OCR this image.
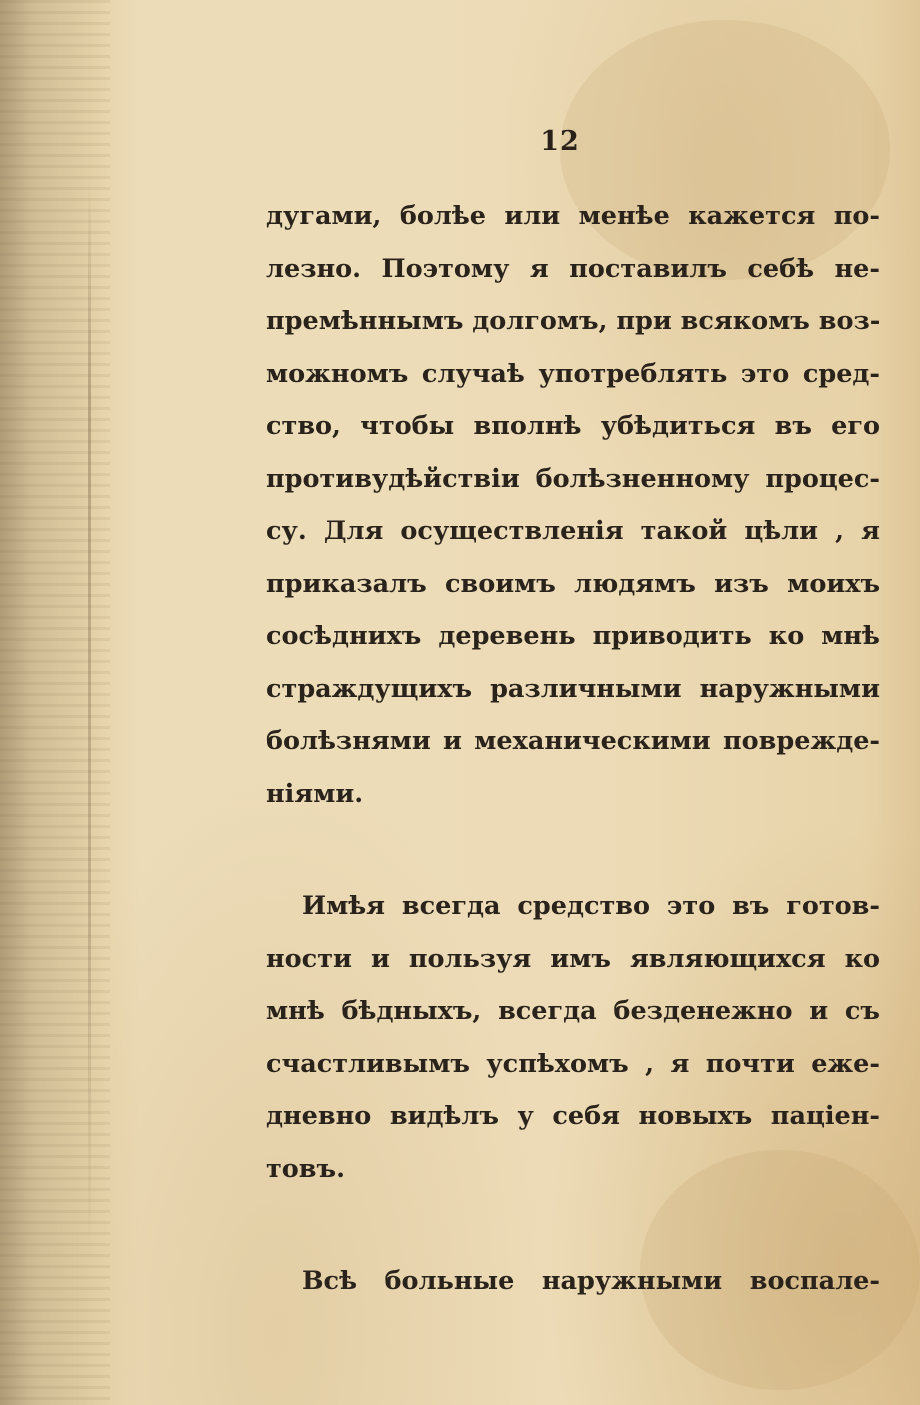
12
дугами, болѣе или менѣе кажется по-
лезно. Поэтому я поставилъ себѣ не-
премѣннымъ долгомъ, при всякомъ воз-
можномъ случаѣ употреблять это сред-
ство, чтобы вполнѣ убѣдиться въ его
противудѣйствіи болѣзненному процес-
су. Для осуществленія такой цѣли , я
приказалъ своимъ людямъ изъ моихъ
сосѣднихъ деревень приводить ко мнѣ
страждущихъ различными наружными
болѣзнями и механическими поврежде-
ніями.
Имѣя всегда средство это въ готов-
ности и пользуя имъ являющихся ко
мнѣ бѣдныхъ, всегда безденежно и съ
счастливымъ успѣхомъ , я почти еже-
дневно видѣлъ у себя новыхъ паціен-
товъ.
Всѣ больные наружными воспале-
